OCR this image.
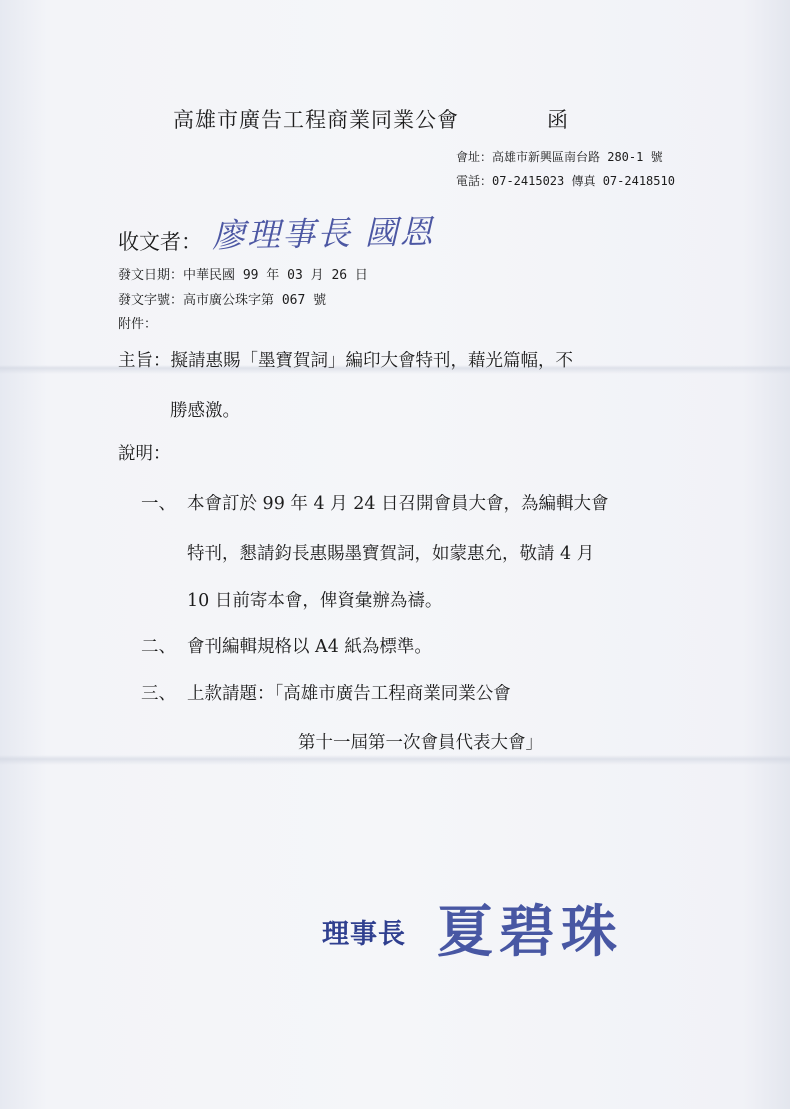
高雄市廣告工程商業同業公會	函
會址：高雄市新興區南台路 280-1 號
電話：07-2415023 傳真 07-2418510
收文者： 廖理事長 國恩
發文日期：中華民國 99 年 03 月 26 日
發文字號：高市廣公珠字第 067 號
附件：
主旨：擬請惠賜「墨寶賀詞」編印大會特刊，藉光篇幅，不
勝感激。
說明：
一、 本會訂於 99 年 4 月 24 日召開會員大會，為編輯大會
特刊，懇請鈞長惠賜墨寶賀詞，如蒙惠允，敬請 4 月
10 日前寄本會，俾資彙辦為禱。
二、 會刊編輯規格以 A4 紙為標準。
三、 上款請題：「高雄市廣告工程商業同業公會
第十一屆第一次會員代表大會」
理事長 夏碧珠
